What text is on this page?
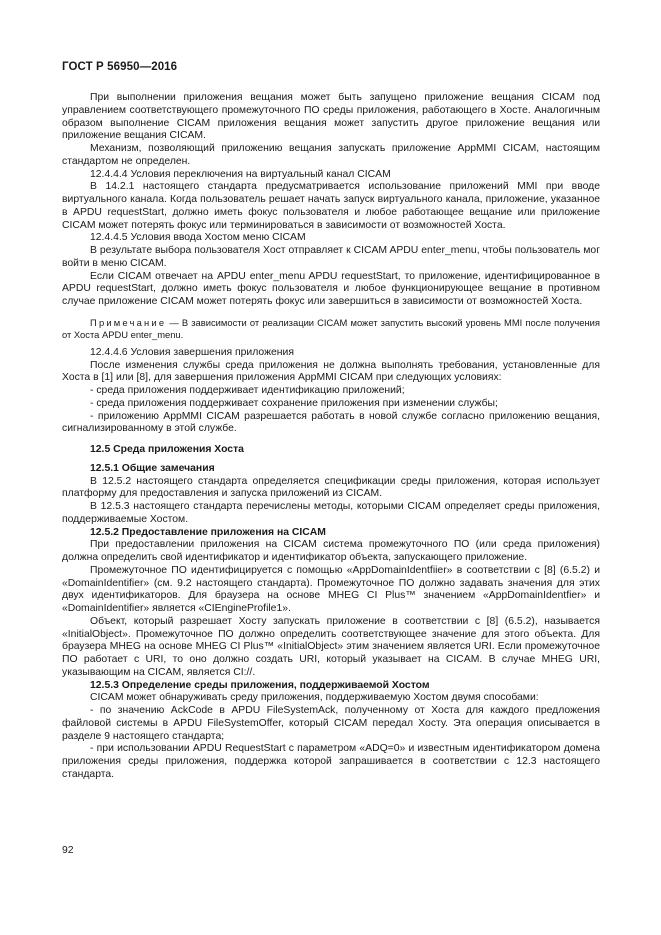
ГОСТ Р 56950—2016

При выполнении приложения вещания может быть запущено приложение вещания CICAM под управлением соответствующего промежуточного ПО среды приложения, работающего в Хосте. Аналогичным образом выполнение CICAM приложения вещания может запустить другое приложение вещания или приложение вещания CICAM.

Механизм, позволяющий приложению вещания запускать приложение AppMMI CICAM, настоящим стандартом не определен.

12.4.4.4 Условия переключения на виртуальный канал CICAM

В 14.2.1 настоящего стандарта предусматривается использование приложений MMI при вводе виртуального канала. Когда пользователь решает начать запуск виртуального канала, приложение, указанное в APDU requestStart, должно иметь фокус пользователя и любое работающее вещание или приложение CICAM может потерять фокус или терминироваться в зависимости от возможностей Хоста.

12.4.4.5 Условия ввода Хостом меню CICAM

В результате выбора пользователя Хост отправляет к CICAM APDU enter_menu, чтобы пользователь мог войти в меню CICAM.

Если CICAM отвечает на APDU enter_menu APDU requestStart, то приложение, идентифицированное в APDU requestStart, должно иметь фокус пользователя и любое функционирующее вещание в противном случае приложение CICAM может потерять фокус или завершиться в зависимости от возможностей Хоста.

Примечание — В зависимости от реализации CICAM может запустить высокий уровень MMI после получения от Хоста APDU enter_menu.

12.4.4.6 Условия завершения приложения

После изменения службы среда приложения не должна выполнять требования, установленные для Хоста в [1] или [8], для завершения приложения AppMMI CICAM при следующих условиях:

- среда приложения поддерживает идентификацию приложений;

- среда приложения поддерживает сохранение приложения при изменении службы;

- приложению AppMMI CICAM разрешается работать в новой службе согласно приложению вещания, сигнализированному в этой службе.

12.5 Среда приложения Хоста

12.5.1 Общие замечания

В 12.5.2 настоящего стандарта определяется спецификации среды приложения, которая использует платформу для предоставления и запуска приложений из CICAM.

В 12.5.3 настоящего стандарта перечислены методы, которыми CICAM определяет среды приложения, поддерживаемые Хостом.

12.5.2 Предоставление приложения на CICAM

При предоставлении приложения на CICAM система промежуточного ПО (или среда приложения) должна определить свой идентификатор и идентификатор объекта, запускающего приложение.

Промежуточное ПО идентифицируется с помощью «AppDomainIdentfiier» в соответствии с [8] (6.5.2) и «DomainIdentifier» (см. 9.2 настоящего стандарта). Промежуточное ПО должно задавать значения для этих двух идентификаторов. Для браузера на основе MHEG CI Plus™ значением «AppDomainIdentfier» и «DomainIdentifier» является «CIEngineProfile1».

Объект, который разрешает Хосту запускать приложение в соответствии с [8] (6.5.2), называется «InitialObject». Промежуточное ПО должно определить соответствующее значение для этого объекта. Для браузера MHEG на основе MHEG CI Plus™ «InitialObject» этим значением является URI. Если промежуточное ПО работает с URI, то оно должно создать URI, который указывает на CICAM. В случае MHEG URI, указывающим на CICAM, является CI://.

12.5.3 Определение среды приложения, поддерживаемой Хостом

CICAM может обнаруживать среду приложения, поддерживаемую Хостом двумя способами:

- по значению AckCode в APDU FileSystemAck, полученному от Хоста для каждого предложения файловой системы в APDU FileSystemOffer, который CICAM передал Хосту. Эта операция описывается в разделе 9 настоящего стандарта;

- при использовании APDU RequestStart с параметром «ADQ=0» и известным идентификатором домена приложения среды приложения, поддержка которой запрашивается в соответствии с 12.3 настоящего стандарта.

92
